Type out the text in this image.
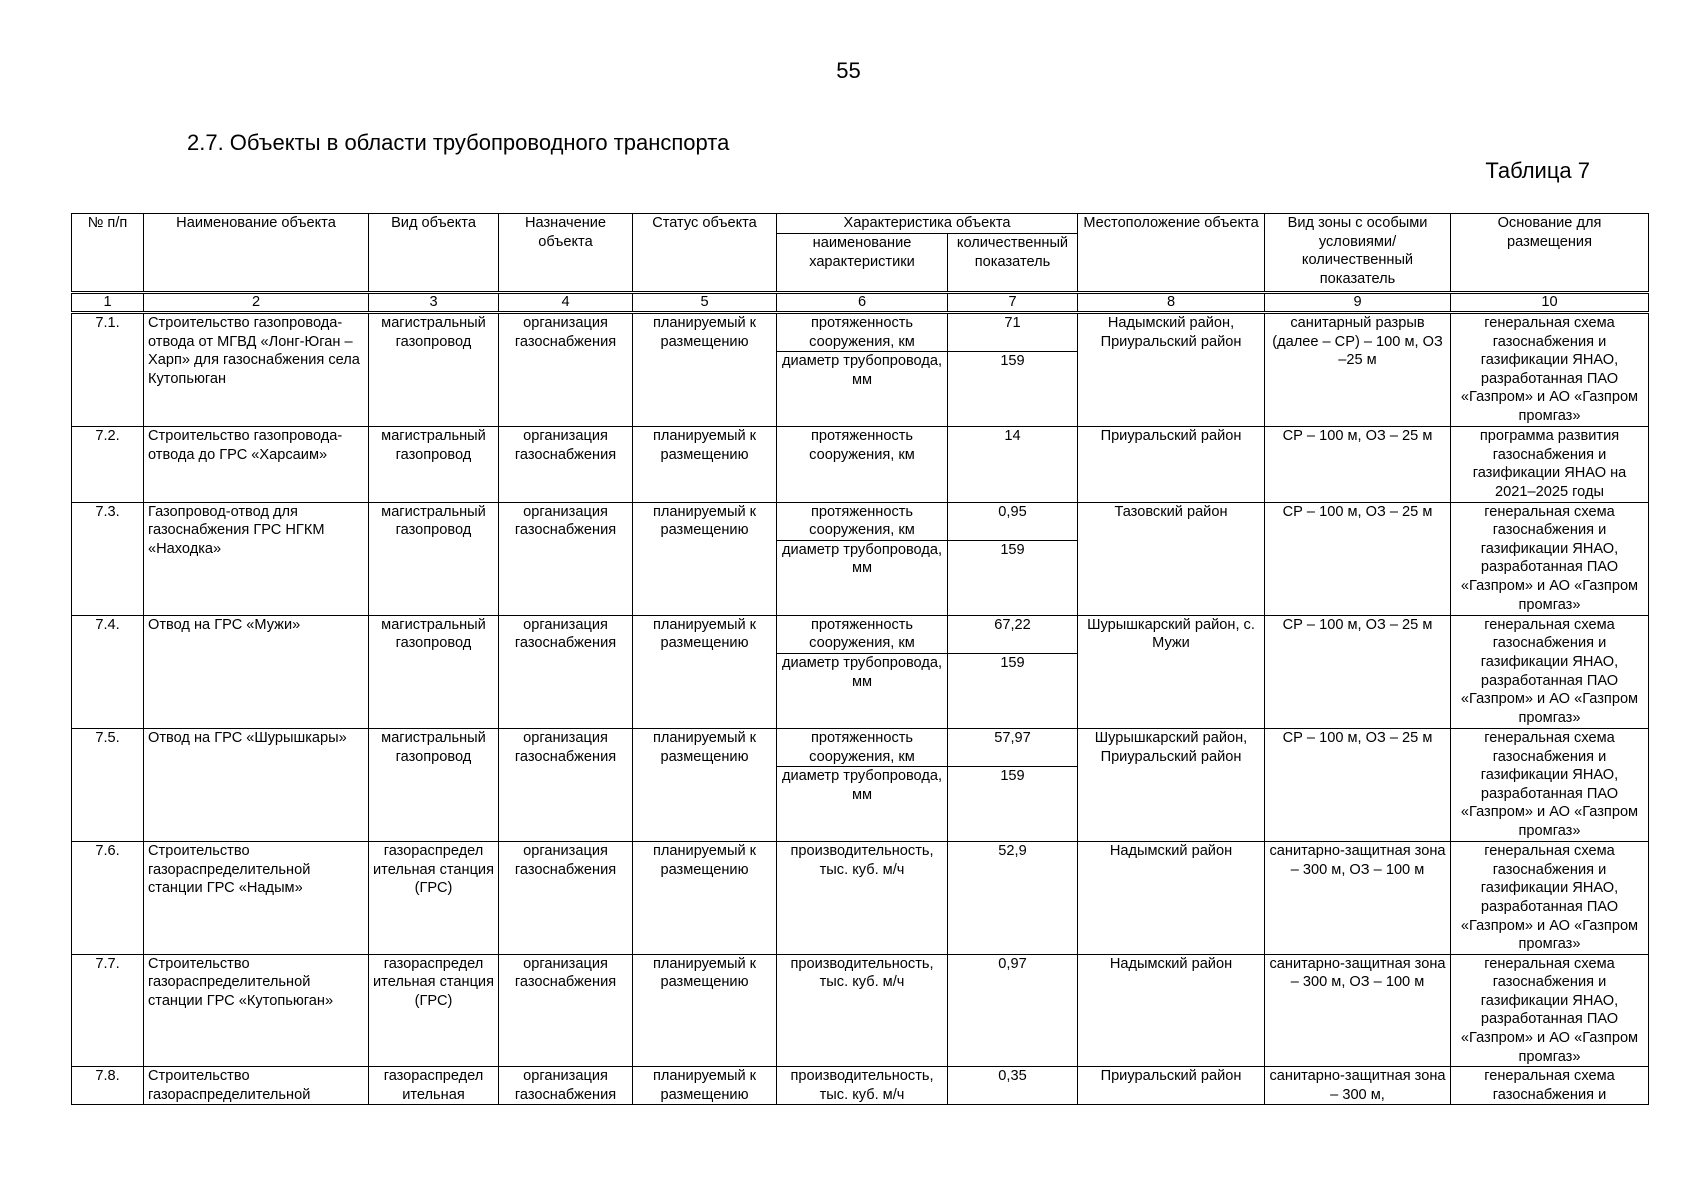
55
2.7. Объекты в области трубопроводного транспорта
Таблица 7
№ п/п	Наименование объекта	Вид объекта	Назначение объекта	Статус объекта	Характеристика объекта		Местоположение объекта	Вид зоны с особыми условиями/ количественный показатель	Основание для размещения
					наименование характеристики	количественный показатель			
1	2	3	4	5	6	7	8	9	10
7.1.	Строительство газопровода-отвода от МГВД «Лонг-Юган – Харп» для газоснабжения села Кутопьюган	магистральный газопровод	организация газоснабжения	планируемый к размещению	протяженность сооружения, км	71	Надымский район, Приуральский район	санитарный разрыв (далее – СР) – 100 м, ОЗ –25 м	генеральная схема газоснабжения и газификации ЯНАО, разработанная ПАО «Газпром» и АО «Газпром промгаз»
					диаметр трубопровода, мм	159			
7.2.	Строительство газопровода-отвода до ГРС «Харсаим»	магистральный газопровод	организация газоснабжения	планируемый к размещению	протяженность сооружения, км	14	Приуральский район	СР – 100 м, ОЗ – 25 м	программа развития газоснабжения и газификации ЯНАО на 2021–2025 годы
7.3.	Газопровод-отвод для газоснабжения ГРС НГКМ «Находка»	магистральный газопровод	организация газоснабжения	планируемый к размещению	протяженность сооружения, км	0,95	Тазовский район	СР – 100 м, ОЗ – 25 м	генеральная схема газоснабжения и газификации ЯНАО, разработанная ПАО «Газпром» и АО «Газпром промгаз»
					диаметр трубопровода, мм	159			
7.4.	Отвод на ГРС «Мужи»	магистральный газопровод	организация газоснабжения	планируемый к размещению	протяженность сооружения, км	67,22	Шурышкарский район, с. Мужи	СР – 100 м, ОЗ – 25 м	генеральная схема газоснабжения и газификации ЯНАО, разработанная ПАО «Газпром» и АО «Газпром промгаз»
					диаметр трубопровода, мм	159			
7.5.	Отвод на ГРС «Шурышкары»	магистральный газопровод	организация газоснабжения	планируемый к размещению	протяженность сооружения, км	57,97	Шурышкарский район, Приуральский район	СР – 100 м, ОЗ – 25 м	генеральная схема газоснабжения и газификации ЯНАО, разработанная ПАО «Газпром» и АО «Газпром промгаз»
					диаметр трубопровода, мм	159			
7.6.	Строительство газораспределительной станции ГРС «Надым»	газораспредел ительная станция (ГРС)	организация газоснабжения	планируемый к размещению	производительность, тыс. куб. м/ч	52,9	Надымский район	санитарно-защитная зона – 300 м, ОЗ – 100 м	генеральная схема газоснабжения и газификации ЯНАО, разработанная ПАО «Газпром» и АО «Газпром промгаз»
7.7.	Строительство газораспределительной станции ГРС «Кутопьюган»	газораспредел ительная станция (ГРС)	организация газоснабжения	планируемый к размещению	производительность, тыс. куб. м/ч	0,97	Надымский район	санитарно-защитная зона – 300 м, ОЗ – 100 м	генеральная схема газоснабжения и газификации ЯНАО, разработанная ПАО «Газпром» и АО «Газпром промгаз»
7.8.	Строительство газораспределительной	газораспредел ительная	организация газоснабжения	планируемый к размещению	производительность, тыс. куб. м/ч	0,35	Приуральский район	санитарно-защитная зона – 300 м,	генеральная схема газоснабжения и
